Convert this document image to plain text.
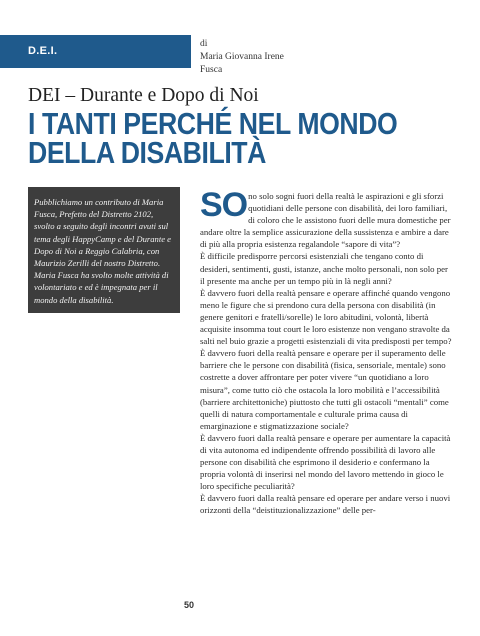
D.E.I.
di
Maria Giovanna Irene
Fusca
DEI – Durante e Dopo di Noi
I TANTI PERCHÉ NEL MONDO
DELLA DISABILITÀ
Pubblichiamo un contributo di Maria Fusca, Prefetto del Distretto 2102, svolto a seguito degli incontri avuti sul tema degli HappyCamp e del Durante e Dopo di Noi a Reggio Calabria, con Maurizio Zerilli del nostro Distretto. Maria Fusca ha svolto molte attività di volontariato e ed è impegnata per il mondo della disabilità.
SO no solo sogni fuori della realtà le aspirazioni e gli sforzi quotidiani delle persone con disabilità, dei loro familiari, di coloro che le assistono fuori delle mura domestiche per andare oltre la semplice assicurazione della sussistenza e ambire a dare di più alla propria esistenza regalandole “sapore di vita”?

È difficile predisporre percorsi esistenziali che tengano conto di desideri, sentimenti, gusti, istanze, anche molto personali, non solo per il presente ma anche per un tempo più in là negli anni?

È davvero fuori della realtà pensare e operare affinché quando vengono meno le figure che si prendono cura della persona con disabilità (in genere genitori e fratelli/sorelle) le loro abitudini, volontà, libertà acquisite insomma tout court le loro esistenze non vengano stravolte da salti nel buio grazie a progetti esistenziali di vita predisposti per tempo?

È davvero fuori della realtà pensare e operare per il superamento delle barriere che le persone con disabilità (fisica, sensoriale, mentale) sono costrette a dover affrontare per poter vivere “un quotidiano a loro misura”, come tutto ciò che ostacola la loro mobilità e l’accessibilità (barriere architettoniche) piuttosto che tutti gli ostacoli “mentali” come quelli di natura comportamentale e culturale prima causa di emarginazione e stigmatizzazione sociale?

È davvero fuori dalla realtà pensare e operare per aumentare la capacità di vita autonoma ed indipendente offrendo possibilità di lavoro alle persone con disabilità che esprimono il desiderio e confermano la propria volontà di inserirsi nel mondo del lavoro mettendo in gioco le loro specifiche peculiarità?

È davvero fuori dalla realtà pensare ed operare per andare verso i nuovi orizzonti della “deistituzionalizzazione” delle per-

50
